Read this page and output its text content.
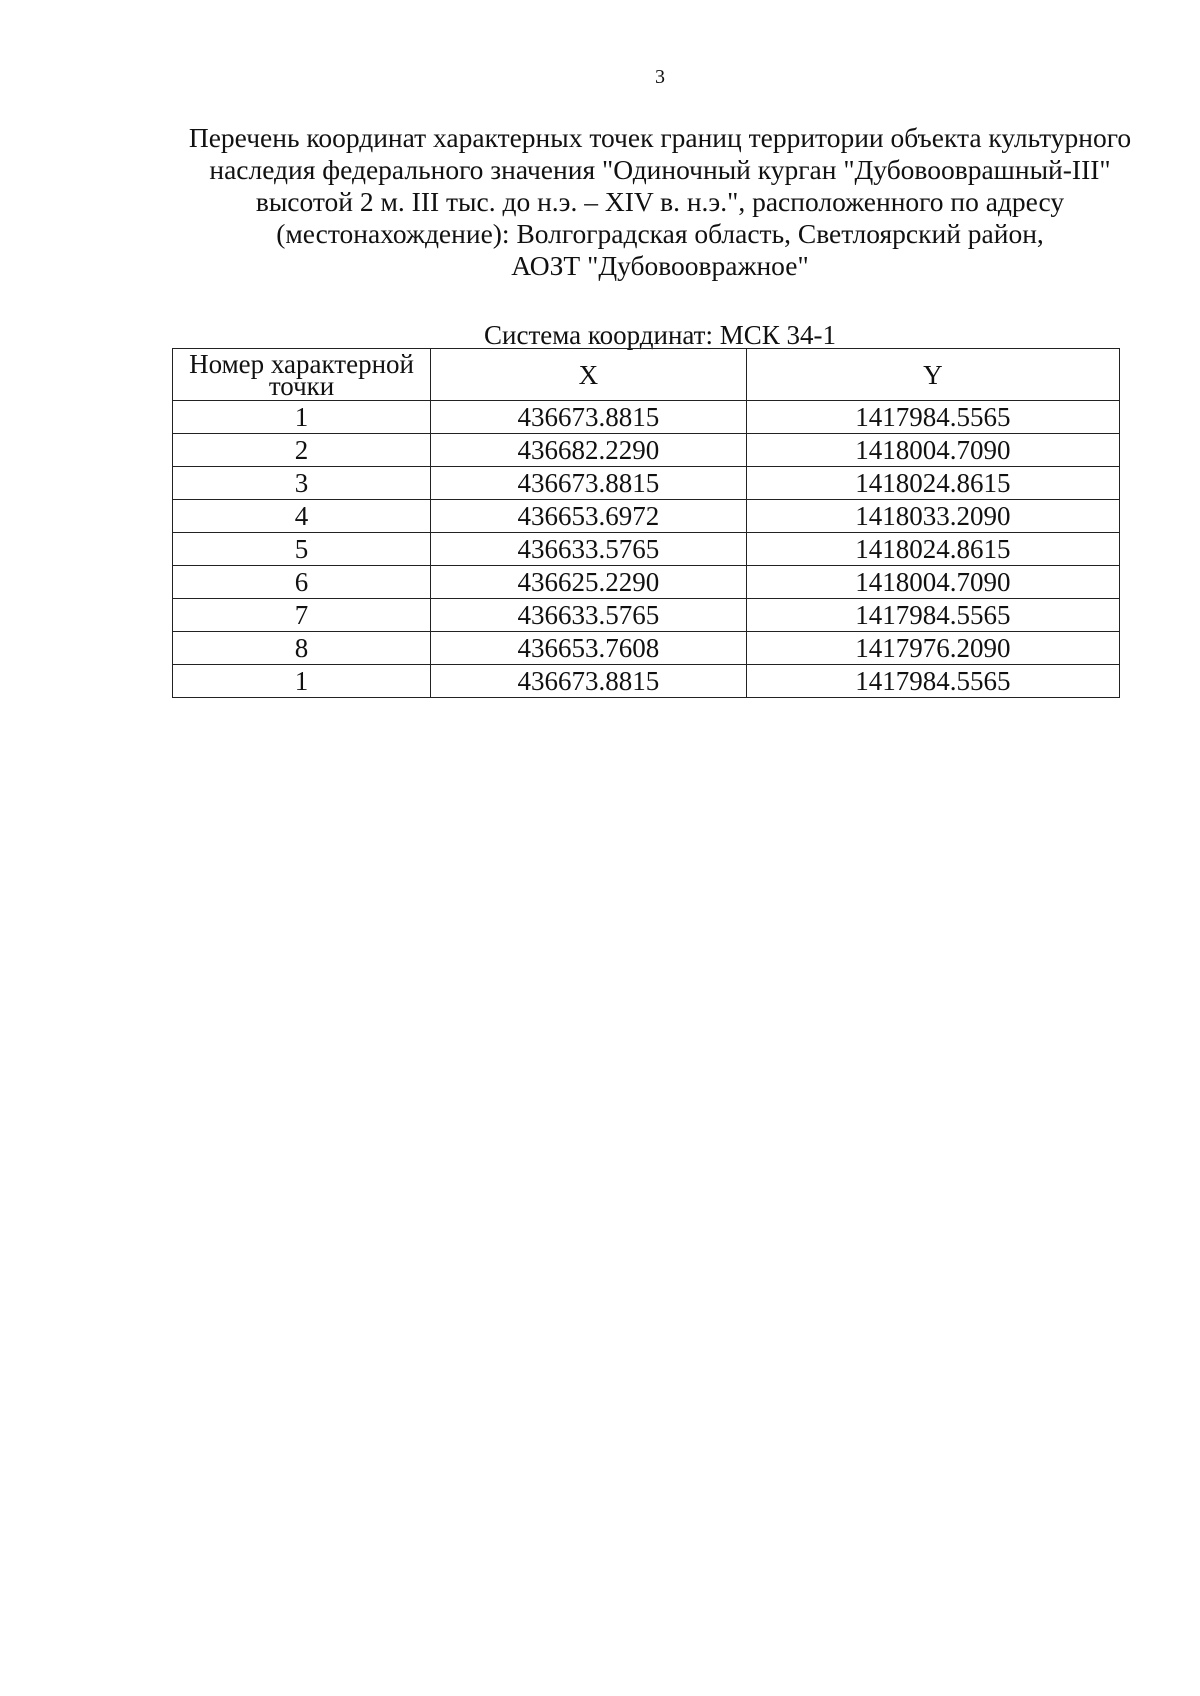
3
Перечень координат характерных точек границ территории объекта культурного
наследия федерального значения "Одиночный курган "Дубовооврашный-III"
высотой 2 м. III тыс. до н.э. – XIV в. н.э.", расположенного по адресу
(местонахождение): Волгоградская область, Светлоярский район,
АОЗТ "Дубовоовражное"
Система координат: МСК 34-1
Номер характерной
точки	X	Y
1	436673.8815	1417984.5565
2	436682.2290	1418004.7090
3	436673.8815	1418024.8615
4	436653.6972	1418033.2090
5	436633.5765	1418024.8615
6	436625.2290	1418004.7090
7	436633.5765	1417984.5565
8	436653.7608	1417976.2090
1	436673.8815	1417984.5565
